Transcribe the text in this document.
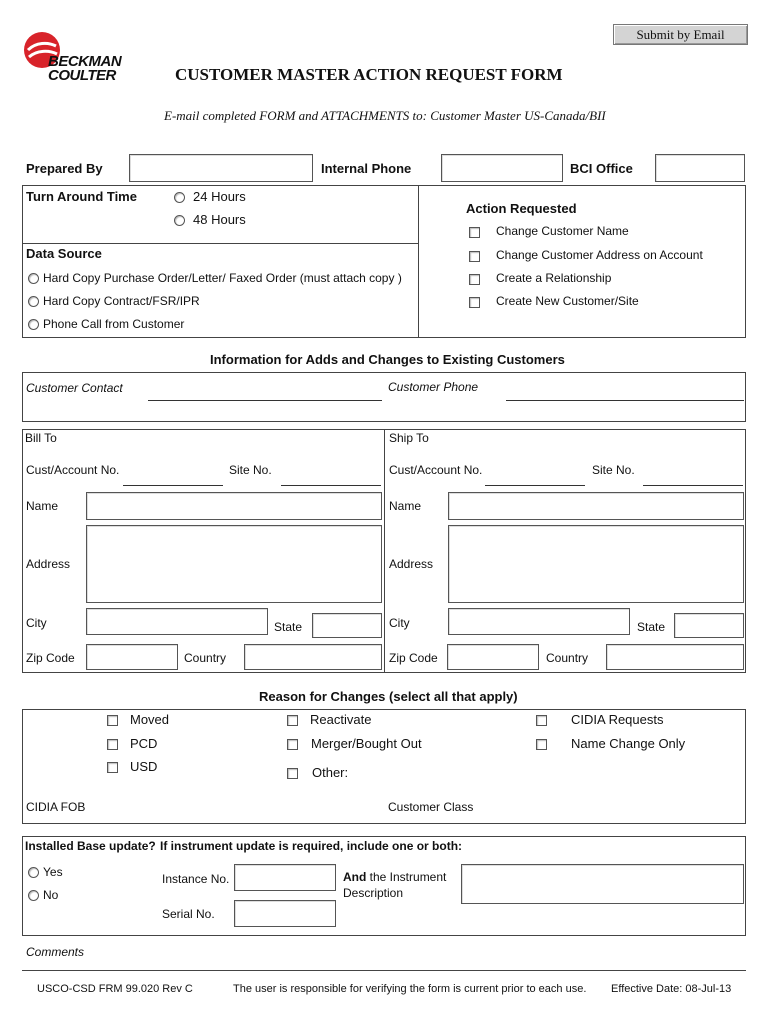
Submit by Email
BECKMAN
COULTER	CUSTOMER MASTER ACTION REQUEST FORM
E-mail completed FORM and ATTACHMENTS to: Customer Master US-Canada/BII
Prepared By	Internal Phone	BCI Office
Turn Around Time	24 Hours
48 Hours
Data Source
Hard Copy Purchase Order/Letter/ Faxed Order (must attach copy )
Hard Copy Contract/FSR/IPR
Phone Call from Customer
Action Requested
Change Customer Name
Change Customer Address on Account
Create a Relationship
Create New Customer/Site
Information for Adds and Changes to Existing Customers
Customer Contact	Customer Phone
Bill To
Cust/Account No.	Site No.
Name
Address
City	State
Zip Code	Country
Ship To
Cust/Account No.	Site No.
Name
Address
City	State
Zip Code	Country
Reason for Changes (select all that apply)
Moved
PCD
USD
Reactivate
Merger/Bought Out
Other:
CIDIA Requests
Name Change Only
CIDIA FOB	Customer Class
Installed Base update? If instrument update is required, include one or both:
Yes
No
Instance No.
Serial No.
And the Instrument
Description
Comments
USCO-CSD FRM 99.020 Rev C	The user is responsible for verifying the form is current prior to each use. Effective Date: 08-Jul-13
